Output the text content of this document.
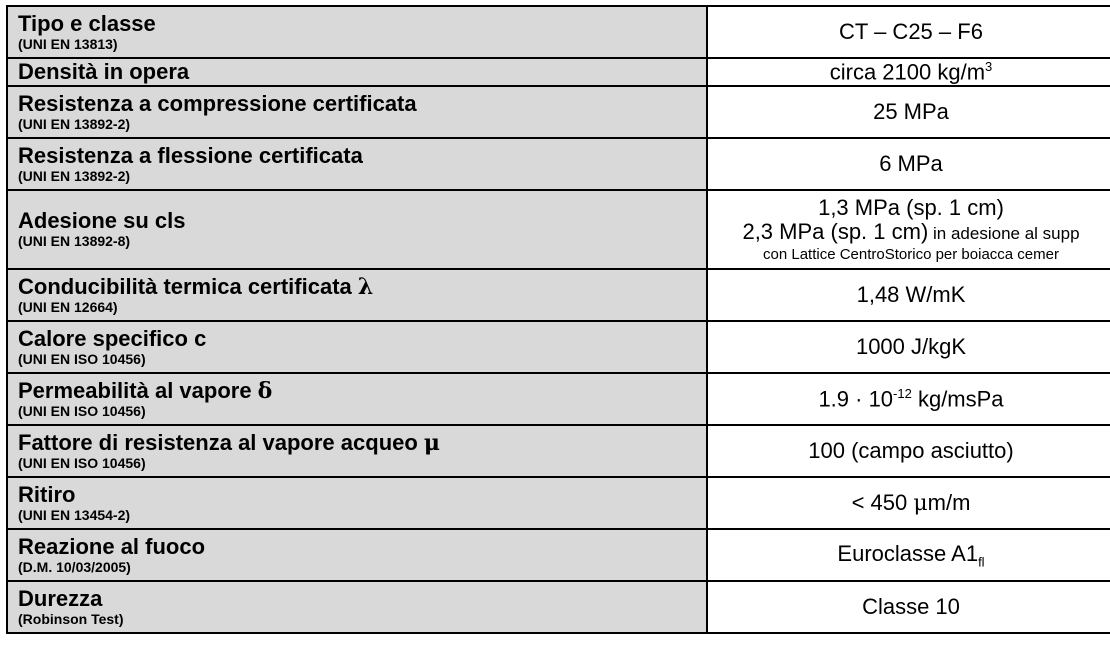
Tipo e classe
(UNI EN 13813)	CT – C25 – F6

Densità in opera	circa 2100 $kg/m^3$

Resistenza a compressione certificata
(UNI EN 13892-2)	25 MPa

Resistenza a flessione certificata
(UNI EN 13892-2)	6 MPa

Adesione su cls
(UNI EN 13892-8)	1,3 MPa (sp. 1 cm)
2,3 MPa (sp. 1 cm) in adesione al supp
con Lattice CentroStorico per boiacca cemer

Conducibilità termica certificata λ
(UNI EN 12664)	1,48 W/mK

Calore specifico c
(UNI EN ISO 10456)	1000 J/kgK

Permeabilità al vapore δ
(UNI EN ISO 10456)	$1.9 \cdot 10^{-12}$ kg/msPa

Fattore di resistenza al vapore acqueo μ
(UNI EN ISO 10456)	100 (campo asciutto)

Ritiro
(UNI EN 13454-2)	< 450 μm/m

Reazione al fuoco
(D.M. 10/03/2005)	Euroclasse $A1_{fl}$

Durezza
(Robinson Test)	Classe 10
